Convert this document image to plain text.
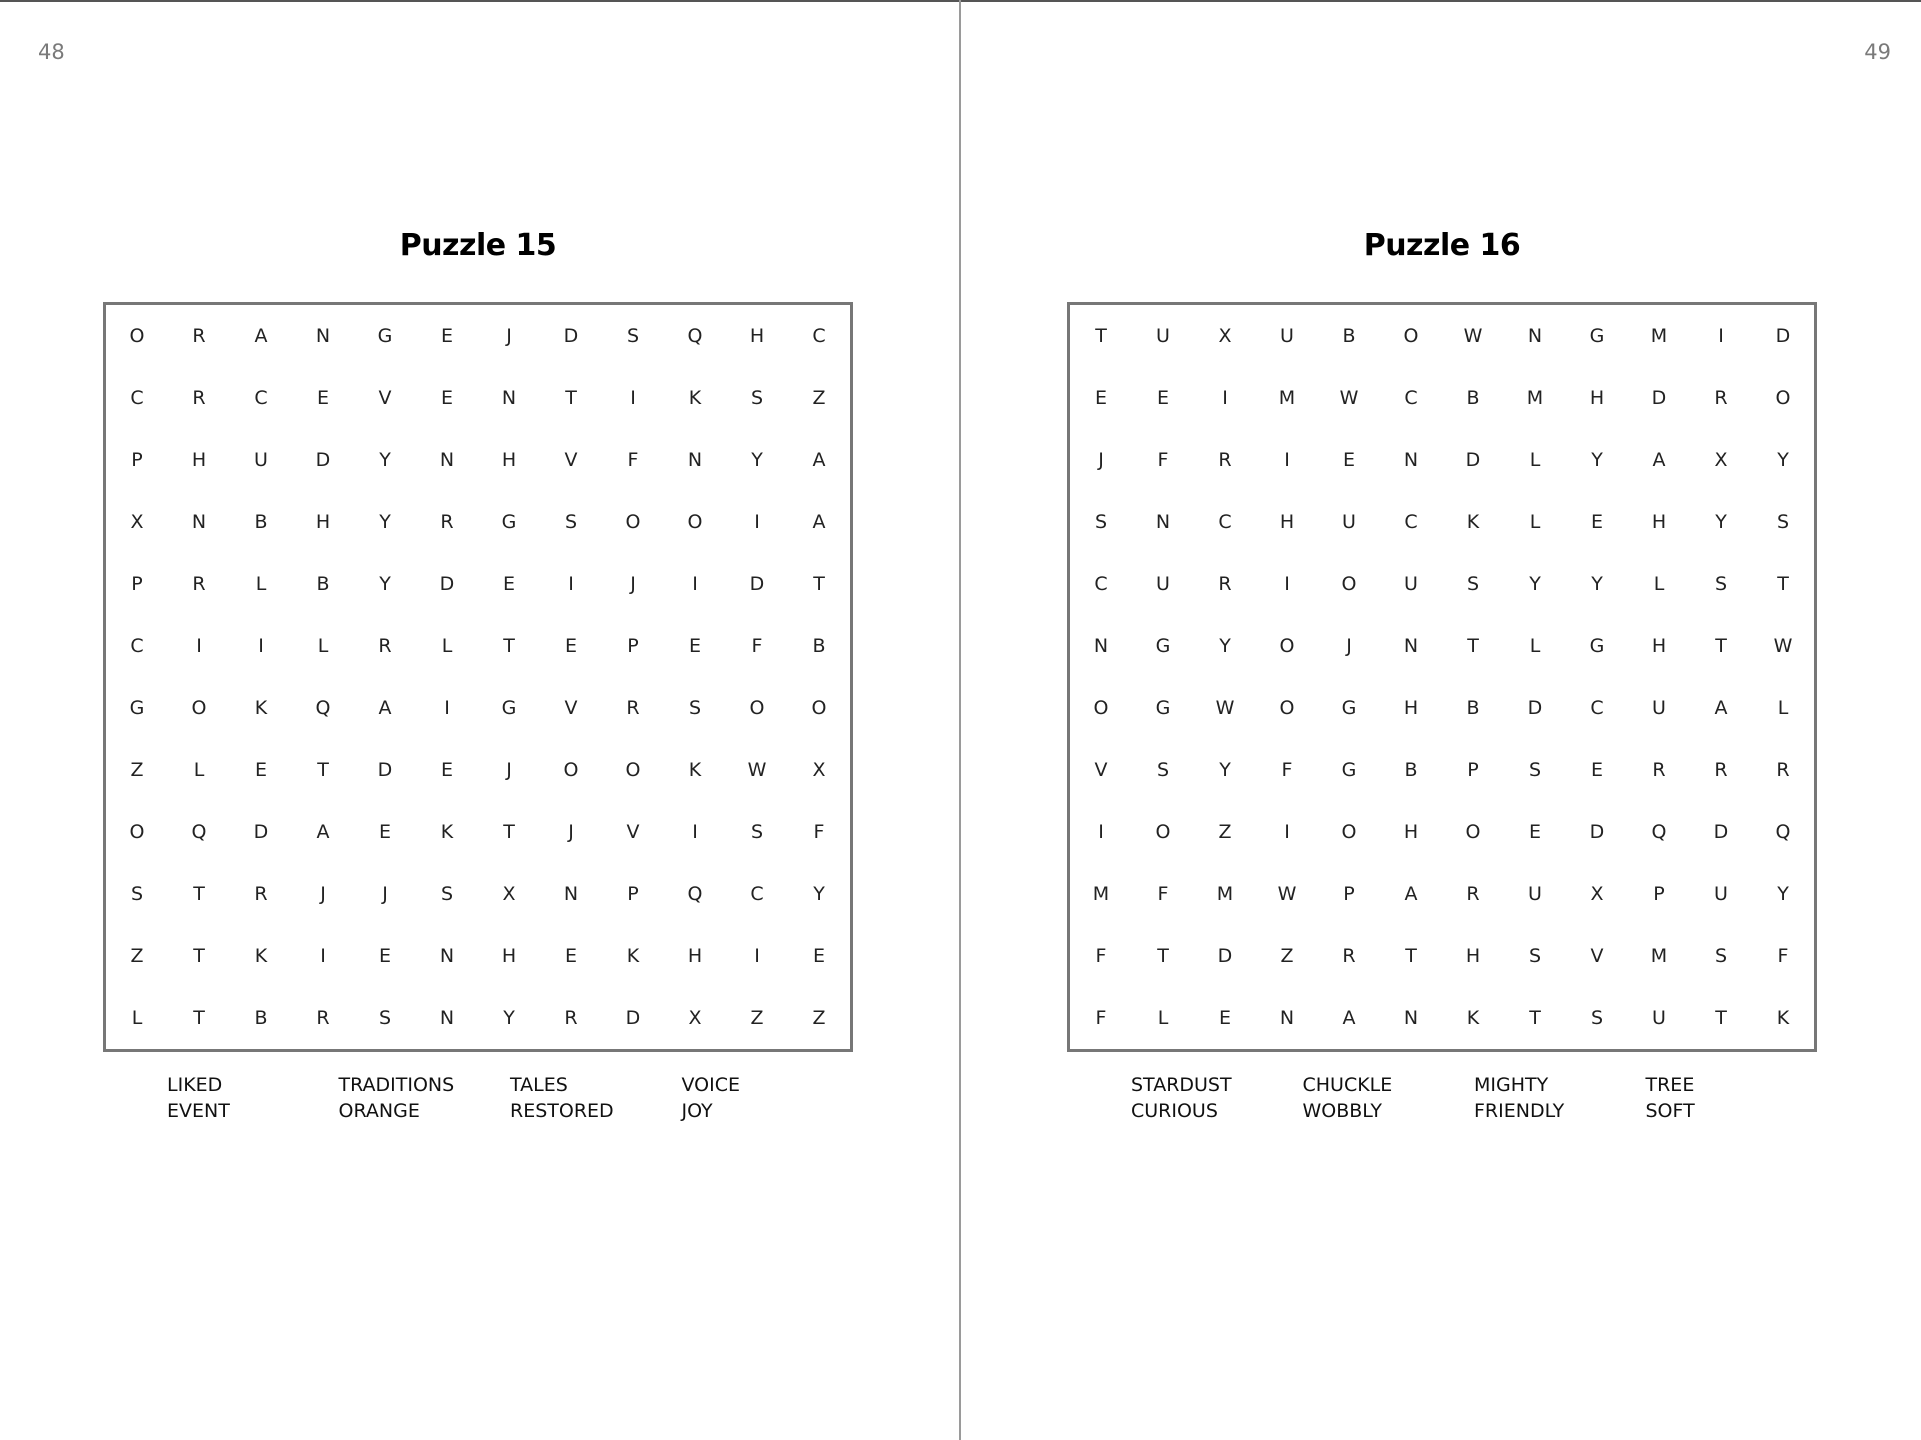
48
Puzzle 15
O	R	A	N	G	E	J	D	S	Q	H	C
C	R	C	E	V	E	N	T	I	K	S	Z
P	H	U	D	Y	N	H	V	F	N	Y	A
X	N	B	H	Y	R	G	S	O	O	I	A
P	R	L	B	Y	D	E	I	J	I	D	T
C	I	I	L	R	L	T	E	P	E	F	B
G	O	K	Q	A	I	G	V	R	S	O	O
Z	L	E	T	D	E	J	O	O	K	W	X
O	Q	D	A	E	K	T	J	V	I	S	F
S	T	R	J	J	S	X	N	P	Q	C	Y
Z	T	K	I	E	N	H	E	K	H	I	E
L	T	B	R	S	N	Y	R	D	X	Z	Z
LIKED
EVENT
TRADITIONS
ORANGE
TALES
RESTORED
VOICE
JOY
49
Puzzle 16
T	U	X	U	B	O	W	N	G	M	I	D
E	E	I	M	W	C	B	M	H	D	R	O
J	F	R	I	E	N	D	L	Y	A	X	Y
S	N	C	H	U	C	K	L	E	H	Y	S
C	U	R	I	O	U	S	Y	Y	L	S	T
N	G	Y	O	J	N	T	L	G	H	T	W
O	G	W	O	G	H	B	D	C	U	A	L
V	S	Y	F	G	B	P	S	E	R	R	R
I	O	Z	I	O	H	O	E	D	Q	D	Q
M	F	M	W	P	A	R	U	X	P	U	Y
F	T	D	Z	R	T	H	S	V	M	S	F
F	L	E	N	A	N	K	T	S	U	T	K
STARDUST
CURIOUS
CHUCKLE
WOBBLY
MIGHTY
FRIENDLY
TREE
SOFT
